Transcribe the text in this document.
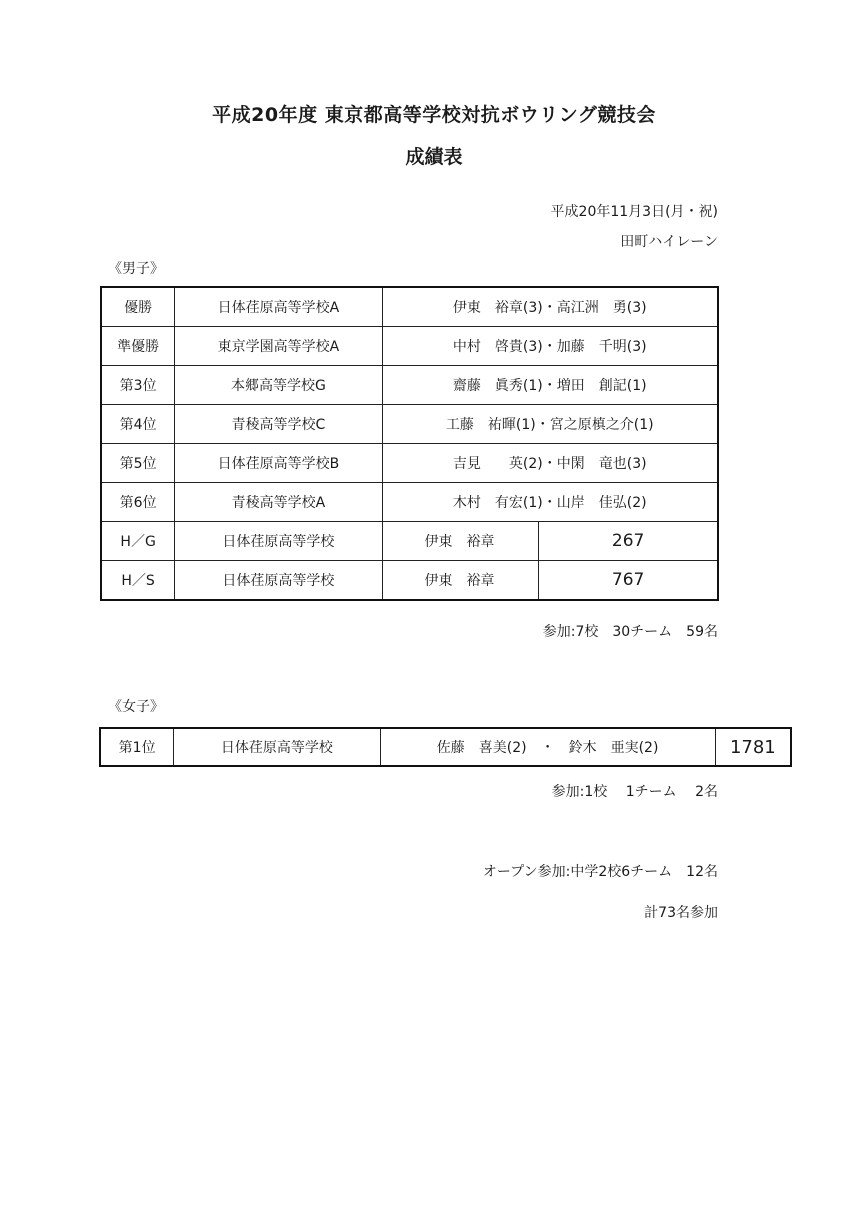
平成20年度 東京都高等学校対抗ボウリング競技会
成績表
平成20年11月3日(月・祝)
田町ハイレーン
《男子》
優勝	日体荏原高等学校A	伊東　裕章(3)・高江洲　勇(3)	
準優勝	東京学園高等学校A	中村　啓貴(3)・加藤　千明(3)	
第3位	本郷高等学校G	齋藤　眞秀(1)・増田　創記(1)	
第4位	青稜高等学校C	工藤　祐暉(1)・宮之原槙之介(1)	
第5位	日体荏原高等学校B	吉見　　英(2)・中閑　竜也(3)	
第6位	青稜高等学校A	木村　有宏(1)・山岸　佳弘(2)	
H／G	日体荏原高等学校	伊東　裕章	267
H／S	日体荏原高等学校	伊東　裕章	767
参加:7校　30チーム　59名
《女子》
第1位	日体荏原高等学校	佐藤　喜美(2)　・　鈴木　亜実(2)	1781
参加:1校　 1チーム　 2名
オープン参加:中学2校6チーム　12名
計73名参加
